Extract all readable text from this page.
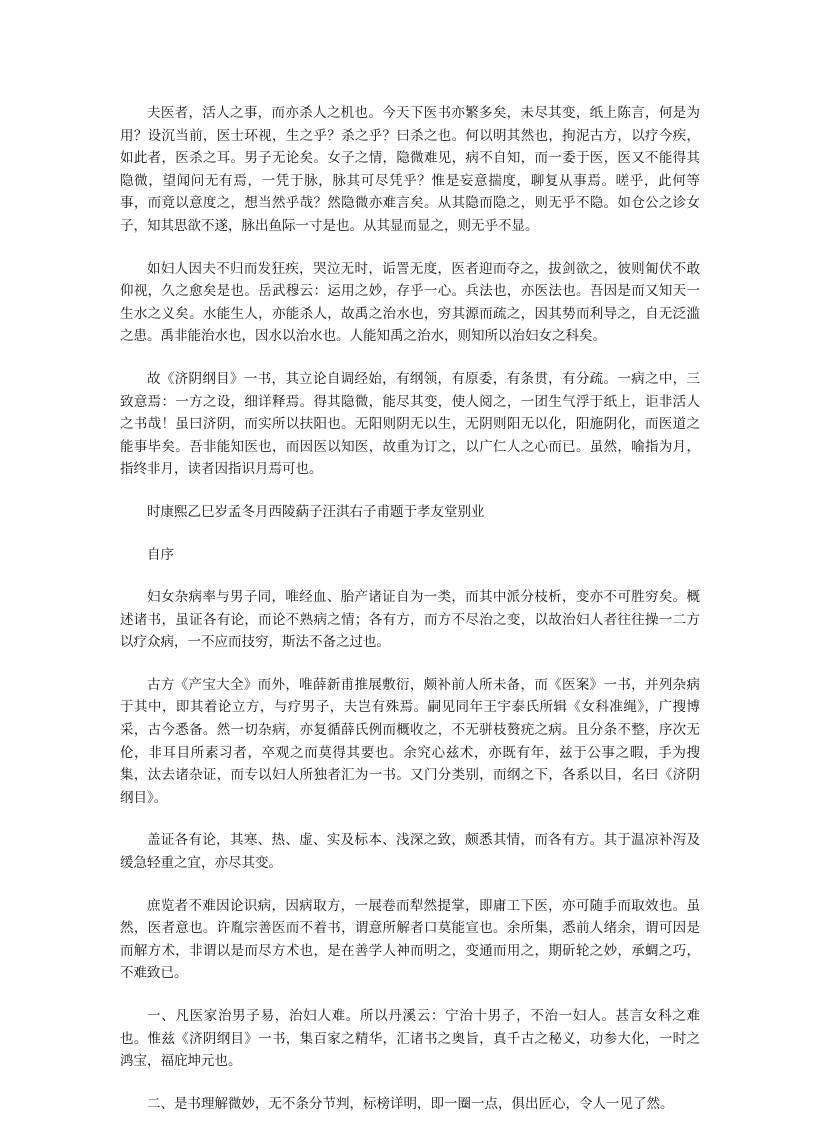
夫医者，活人之事，而亦杀人之机也。今天下医书亦繁多矣，未尽其变，纸上陈言，何是为用？设沉当前，医士环视，生之乎？杀之乎？曰杀之也。何以明其然也，拘泥古方，以疗今疾，如此者，医杀之耳。男子无论矣。女子之情，隐微难见，病不自知，而一委于医，医又不能得其隐微，望闻问无有焉，一凭于脉，脉其可尽凭乎？惟是妄意揣度，聊复从事焉。嗟乎，此何等事，而竟以意度之，想当然乎哉？然隐微亦难言矣。从其隐而隐之，则无乎不隐。如仓公之诊女子，知其思欲不遂，脉出鱼际一寸是也。从其显而显之，则无乎不显。

如妇人因夫不归而发狂疾，哭泣无时，诟詈无度，医者迎而夺之，拔剑欲之，彼则匍伏不敢仰视，久之愈矣是也。岳武穆云：运用之妙，存乎一心。兵法也，亦医法也。吾因是而又知天一生水之义矣。水能生人，亦能杀人，故禹之治水也，穷其源而疏之，因其势而利导之，自无泛滥之患。禹非能治水也，因水以治水也。人能知禹之治水，则知所以治妇女之科矣。

故《济阴纲目》一书，其立论自调经始，有纲领，有原委，有条贯，有分疏。一病之中，三致意焉：一方之设，细详释焉。得其隐微，能尽其变，使人阅之，一团生气浮于纸上，讵非活人之书哉！虽曰济阴，而实所以扶阳也。无阳则阴无以生，无阴则阳无以化，阳施阴化，而医道之能事毕矣。吾非能知医也，而因医以知医，故重为订之，以广仁人之心而已。虽然，喻指为月，指终非月，读者因指识月焉可也。

时康熙乙巳岁孟冬月西陵蒳子汪淇右子甫题于孝友堂别业

自序

妇女杂病率与男子同，唯经血、胎产诸证自为一类，而其中派分枝析，变亦不可胜穷矣。概述诸书，虽证各有论，而论不熟病之情；各有方，而方不尽治之变，以故治妇人者往往操一二方以疗众病，一不应而技穷，斯法不备之过也。

古方《产宝大全》而外，唯薛新甫推展敷衍，颇补前人所未备，而《医案》一书，并列杂病于其中，即其着论立方，与疗男子，夫岂有殊焉。嗣见同年王宇泰氏所辑《女科准绳》，广搜博采，古今悉备。然一切杂病，亦复循薛氏例而概收之，不无骈枝赘疣之病。且分条不整，序次无伦，非耳目所素习者，卒观之而莫得其要也。余究心兹术，亦既有年，兹于公事之暇，手为搜集，汰去诸杂证，而专以妇人所独者汇为一书。又门分类别，而纲之下，各系以目，名曰《济阴纲目》。

盖证各有论，其寒、热、虚、实及标本、浅深之致，颇悉其情，而各有方。其于温凉补泻及缓急轻重之宜，亦尽其变。

庶览者不难因论识病，因病取方，一展卷而犁然提掌，即庸工下医，亦可随手而取效也。虽然，医者意也。许胤宗善医而不着书，谓意所解者口莫能宣也。余所集，悉前人绪余，谓可因是而解方术，非谓以是而尽方术也，是在善学人神而明之，变通而用之，期斫轮之妙，承蜩之巧，不难致已。

一、凡医家治男子易，治妇人难。所以丹溪云：宁治十男子，不治一妇人。甚言女科之难也。惟兹《济阴纲目》一书，集百家之精华，汇诸书之奥旨，真千古之秘义，功参大化，一时之鸿宝，福庇坤元也。

二、是书理解微妙，无不条分节判，标榜详明，即一圈一点，俱出匠心，令人一见了然。
